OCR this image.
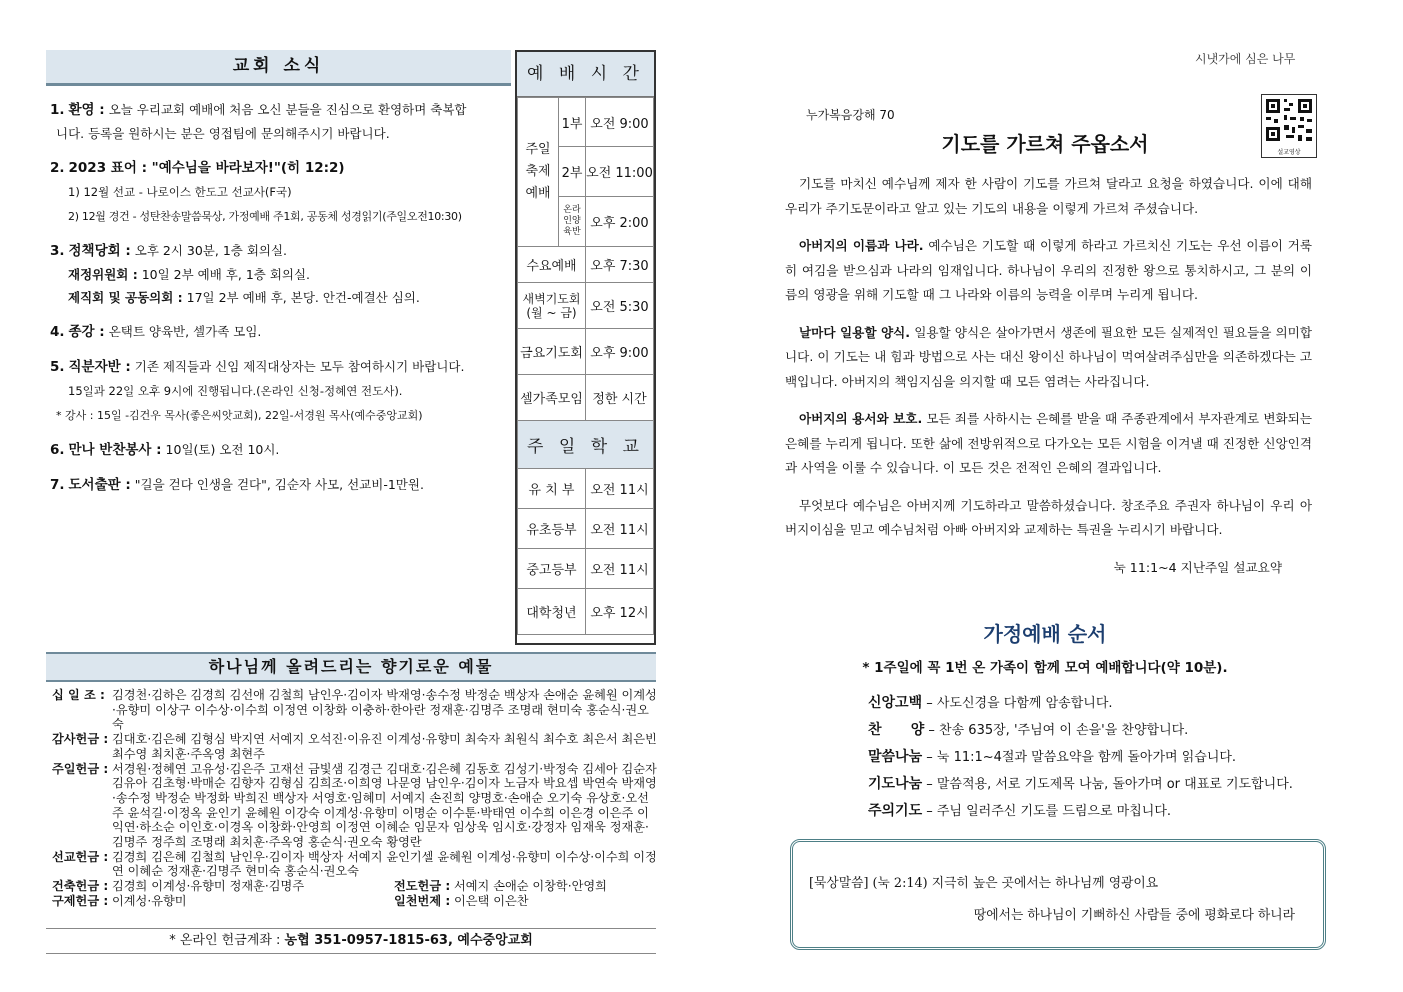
교회 소식
1. 환영 : 오늘 우리교회 예배에 처음 오신 분들을 진심으로 환영하며 축복합
니다. 등록을 원하시는 분은 영접팀에 문의해주시기 바랍니다.
2. 2023 표어 : "예수님을 바라보자!"(히 12:2)
1) 12월 선교 - 나로이스 한도고 선교사(F국)
2) 12월 경건 - 성탄찬송말씀묵상, 가정예배 주1회, 공동체 성경읽기(주일오전10:30)
3. 정책당회 : 오후 2시 30분, 1층 회의실.
재정위원회 : 10일 2부 예배 후, 1층 회의실.
제직회 및 공동의회 : 17일 2부 예배 후, 본당. 안건-예결산 심의.
4. 종강 : 온택트 양육반, 셀가족 모임.
5. 직분자반 : 기존 제직들과 신임 제직대상자는 모두 참여하시기 바랍니다.
15일과 22일 오후 9시에 진행됩니다.(온라인 신청-정혜연 전도사).
* 강사 : 15일 -김건우 목사(좋은씨앗교회), 22일-서경원 목사(예수중앙교회)
6. 만나 반찬봉사 : 10일(토) 오전 10시.
7. 도서출판 : "길을 걷다 인생을 걷다", 김순자 사모, 선교비-1만원.
예 배 시 간
주일
축제
예배	1부	오전 9:00
	2부	오전 11:00
	온라인양육반	오후 2:00
수요예배		오후 7:30
새벽기도회(월 ~ 금)		오전 5:30
금요기도회		오후 9:00
셀가족모임		정한 시간
주 일 학 교		
유 치 부		오전 11시
유초등부		오전 11시
중고등부		오전 11시
대학청년		오후 12시
하나님께 올려드리는 향기로운 예물
십 일 조 : 김경천·김하은 김경희 김선애 김철희 남인우·김이자 박재영·송수정 박정순 백상자 손애순 윤혜원 이계성·유향미 이상구 이수상·이수희 이정연 이창화 이충하·한아란 정재훈·김명주 조명래 현미숙 홍순식·권오숙
감사헌금 : 김대호·김은혜 김형심 박지연 서예지 오석진·이유진 이계성·유향미 최숙자 최원식 최수호 최은서 최은빈 최수영 최치훈·주옥영 최현주
주일헌금 : 서경원·정혜연 고유성·김은주 고재선 금빛샘 김경근 김대호·김은혜 김동호 김성기·박정숙 김세아 김순자 김유아 김초형·박매순 김향자 김형심 김희조·이희영 나문영 남인우·김이자 노금자 박요셉 박연숙 박재영·송수정 박정순 박정화 박희진 백상자 서영호·임혜미 서예지 손진희 양명호·손애순 오기숙 유상호·오선주 윤석길·이정옥 윤인기 윤혜원 이강숙 이계성·유향미 이명순 이수툰·박태연 이수희 이은경 이은주 이익연·하소순 이인호·이경옥 이창화·안영희 이정연 이혜순 임문자 임상욱 임시호·강정자 임재욱 정재훈·김명주 정주희 조명래 최치훈·주옥영 홍순식·권오숙 황영란
선교헌금 : 김경희 김은혜 김철희 남인우·김이자 백상자 서예지 윤인기셀 윤혜원 이계성·유향미 이수상·이수희 이정연 이혜순 정재훈·김명주 현미숙 홍순식·권오숙
건축헌금 : 김경희 이계성·유향미 정재훈·김명주	전도헌금 : 서예지 손애순 이창학·안영희
구제헌금 : 이계성·유향미	일천번제 : 이은택 이은찬
* 온라인 헌금계좌 : 농협 351-0957-1815-63, 예수중앙교회
시냇가에 심은 나무
누가복음강해 70
설교영상
기도를 가르쳐 주옵소서

기도를 마치신 예수님께 제자 한 사람이 기도를 가르쳐 달라고 요청을 하였습니다. 이에 대해 우리가 주기도문이라고 알고 있는 기도의 내용을 이렇게 가르쳐 주셨습니다.

아버지의 이름과 나라. 예수님은 기도할 때 이렇게 하라고 가르치신 기도는 우선 이름이 거룩히 여김을 받으심과 나라의 임재입니다. 하나님이 우리의 진정한 왕으로 통치하시고, 그 분의 이름의 영광을 위해 기도할 때 그 나라와 이름의 능력을 이루며 누리게 됩니다.

날마다 일용할 양식. 일용할 양식은 살아가면서 생존에 필요한 모든 실제적인 필요들을 의미합니다. 이 기도는 내 힘과 방법으로 사는 대신 왕이신 하나님이 먹여살려주심만을 의존하겠다는 고백입니다. 아버지의 책임지심을 의지할 때 모든 염려는 사라집니다.

아버지의 용서와 보호. 모든 죄를 사하시는 은혜를 받을 때 주종관계에서 부자관계로 변화되는 은혜를 누리게 됩니다. 또한 삶에 전방위적으로 다가오는 모든 시험을 이겨낼 때 진정한 신앙인격과 사역을 이룰 수 있습니다. 이 모든 것은 전적인 은혜의 결과입니다.

무엇보다 예수님은 아버지께 기도하라고 말씀하셨습니다. 창조주요 주권자 하나님이 우리 아버지이심을 믿고 예수님처럼 아빠 아버지와 교제하는 특권을 누리시기 바랍니다.

눅 11:1~4 지난주일 설교요약

가정예배 순서
* 1주일에 꼭 1번 온 가족이 함께 모여 예배합니다(약 10분).
신앙고백 – 사도신경을 다함께 암송합니다.
찬      양 – 찬송 635장, '주님여 이 손을'을 찬양합니다.
말씀나눔 – 눅 11:1~4절과 말씀요약을 함께 돌아가며 읽습니다.
기도나눔 – 말씀적용, 서로 기도제목 나눔, 돌아가며 or 대표로 기도합니다.
주의기도 – 주님 일러주신 기도를 드림으로 마칩니다.
[묵상말씀] (눅 2:14) 지극히 높은 곳에서는 하나님께 영광이요
땅에서는 하나님이 기뻐하신 사람들 중에 평화로다 하니라
